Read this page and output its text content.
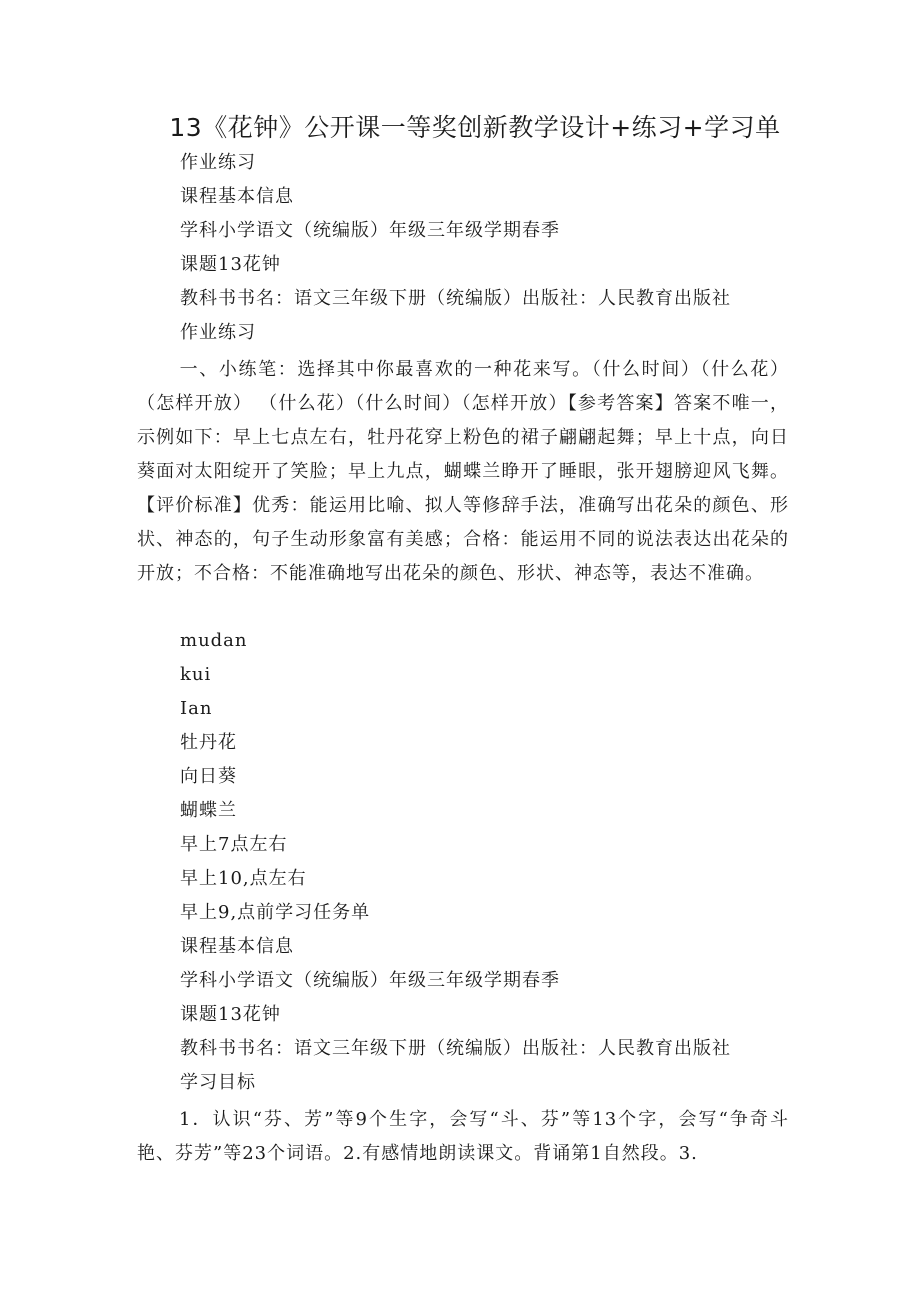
13《花钟》公开课一等奖创新教学设计+练习+学习单
作业练习
课程基本信息
学科小学语文（统编版）年级三年级学期春季
课题13花钟
教科书书名：语文三年级下册（统编版）出版社：人民教育出版社
作业练习

一、小练笔：选择其中你最喜欢的一种花来写。（什么时间）（什么花）（怎样开放） （什么花）（什么时间）（怎样开放）【参考答案】答案不唯一，示例如下：早上七点左右，牡丹花穿上粉色的裙子翩翩起舞；早上十点，向日葵面对太阳绽开了笑脸；早上九点，蝴蝶兰睁开了睡眼，张开翅膀迎风飞舞。【评价标准】优秀：能运用比喻、拟人等修辞手法，准确写出花朵的颜色、形状、神态的，句子生动形象富有美感；合格：能运用不同的说法表达出花朵的开放；不合格：不能准确地写出花朵的颜色、形状、神态等，表达不准确。

mudan
kui
Ian
牡丹花
向日葵
蝴蝶兰
早上7点左右
早上10,点左右
早上9,点前学习任务单
课程基本信息
学科小学语文（统编版）年级三年级学期春季
课题13花钟
教科书书名：语文三年级下册（统编版）出版社：人民教育出版社
学习目标

1．认识“芬、芳”等9个生字，会写“斗、芬”等13个字，会写“争奇斗艳、芬芳”等23个词语。2.有感情地朗读课文。背诵第1自然段。3.
